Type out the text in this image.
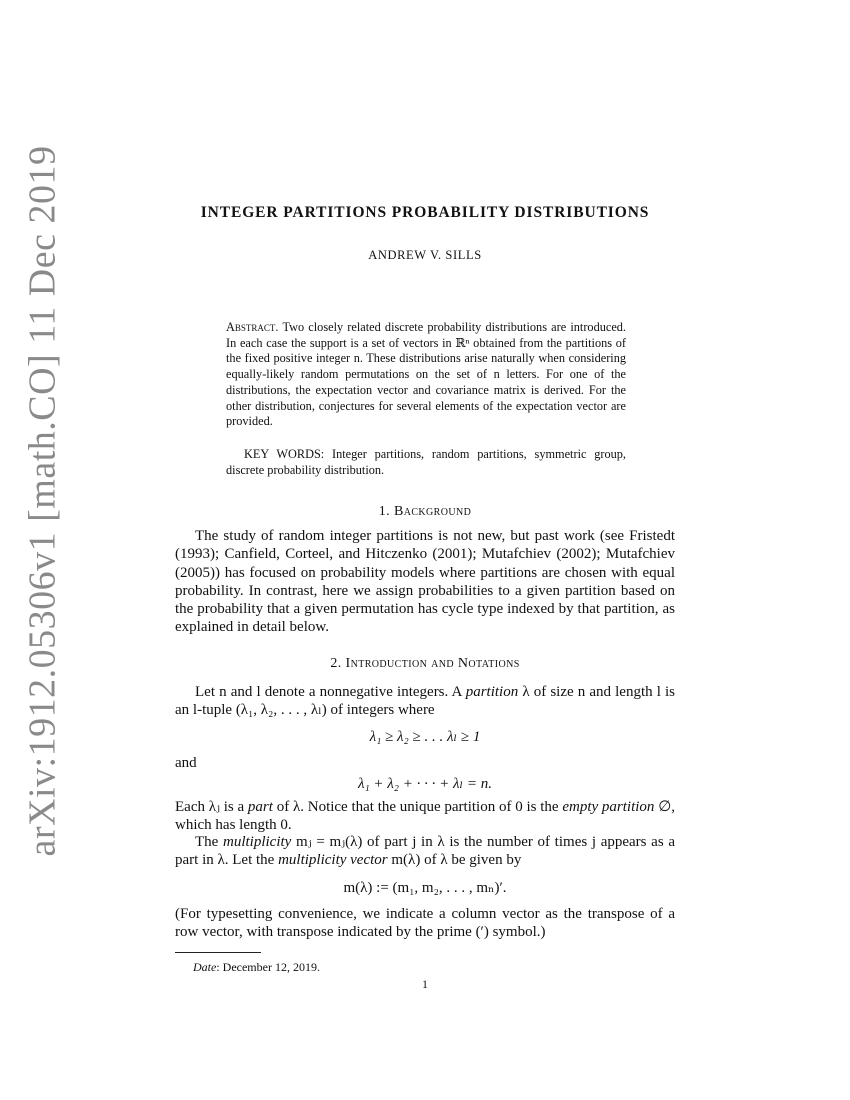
arXiv:1912.05306v1 [math.CO] 11 Dec 2019	INTEGER PARTITIONS PROBABILITY DISTRIBUTIONS
ANDREW V. SILLS
Abstract. Two closely related discrete probability distributions are introduced. In each case the support is a set of vectors in ℝⁿ obtained from the partitions of the fixed positive integer n. These distributions arise naturally when considering equally-likely random permutations on the set of n letters. For one of the distributions, the expectation vector and covariance matrix is derived. For the other distribution, conjectures for several elements of the expectation vector are provided.
KEY WORDS: Integer partitions, random partitions, symmetric group, discrete probability distribution.
1. Background
The study of random integer partitions is not new, but past work (see Fristedt (1993); Canfield, Corteel, and Hitczenko (2001); Mutafchiev (2002); Mutafchiev (2005)) has focused on probability models where partitions are chosen with equal probability. In contrast, here we assign probabilities to a given partition based on the probability that a given permutation has cycle type indexed by that partition, as explained in detail below.
2. Introduction and Notations
Let n and l denote a nonnegative integers. A partition λ of size n and length l is an l-tuple (λ₁, λ₂, . . . , λₗ) of integers where
λ₁ ≥ λ₂ ≥ . . . λₗ ≥ 1
and
λ₁ + λ₂ + · · · + λₗ = n.
Each λⱼ is a part of λ. Notice that the unique partition of 0 is the empty partition ∅, which has length 0.
The multiplicity mⱼ = mⱼ(λ) of part j in λ is the number of times j appears as a part in λ. Let the multiplicity vector m(λ) of λ be given by
m(λ) := (m₁, m₂, . . . , mₙ)′.
(For typesetting convenience, we indicate a column vector as the transpose of a row vector, with transpose indicated by the prime (′) symbol.)
Date: December 12, 2019.
1
